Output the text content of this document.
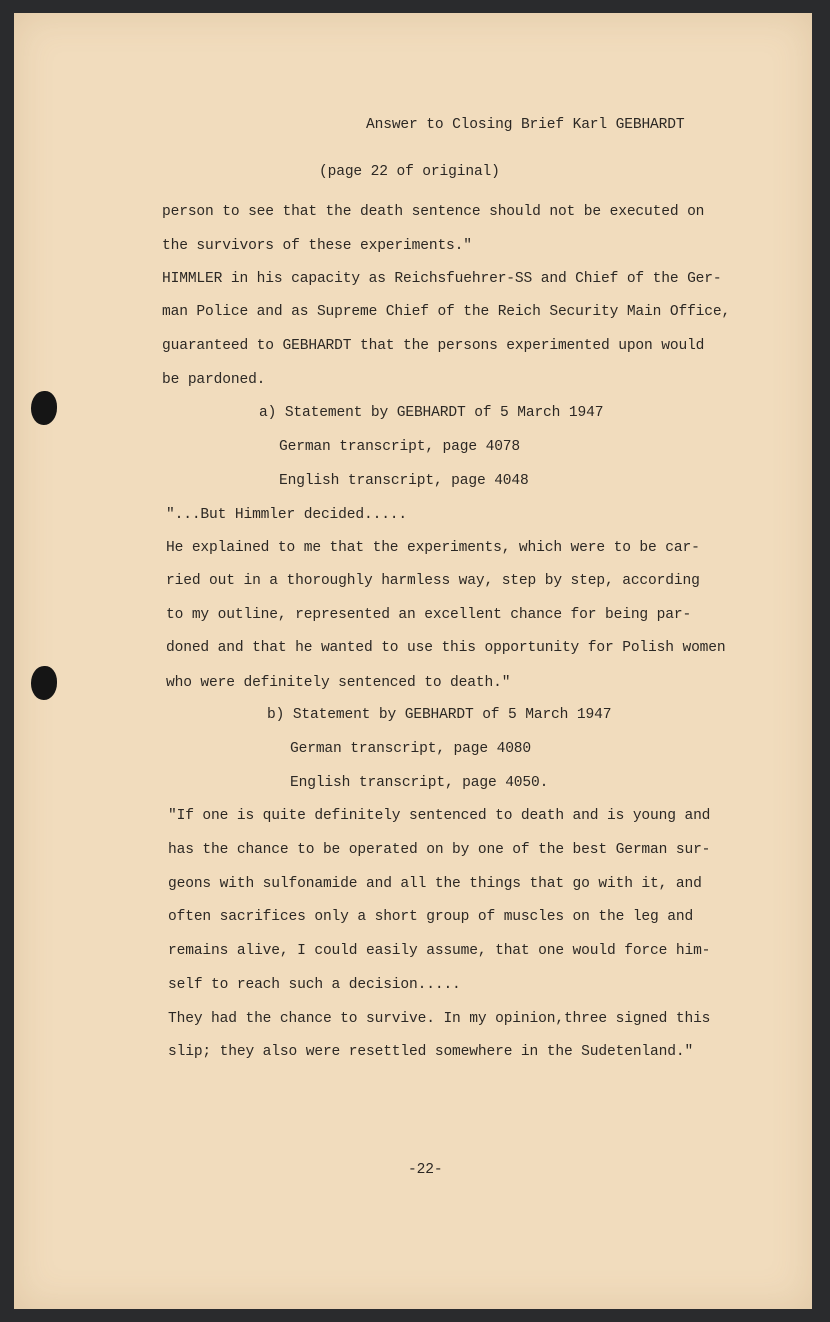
Answer to Closing Brief Karl GEBHARDT
(page 22 of original)
person to see that the death sentence should not be executed on
the survivors of these experiments."
HIMMLER in his capacity as Reichsfuehrer-SS and Chief of the Ger-
man Police and as Supreme Chief of the Reich Security Main Office,
guaranteed to GEBHARDT that the persons experimented upon would
be pardoned.
a) Statement by GEBHARDT of 5 March 1947
German transcript, page 4078
English transcript, page 4048
"...But Himmler decided.....
He explained to me that the experiments, which were to be car-
ried out in a thoroughly harmless way, step by step, according
to my outline, represented an excellent chance for being par-
doned and that he wanted to use this opportunity for Polish women
who were definitely sentenced to death."
b) Statement by GEBHARDT of 5 March 1947
German transcript, page 4080
English transcript, page 4050.
"If one is quite definitely sentenced to death and is young and
has the chance to be operated on by one of the best German sur-
geons with sulfonamide and all the things that go with it, and
often sacrifices only a short group of muscles on the leg and
remains alive, I could easily assume, that one would force him-
self to reach such a decision.....
They had the chance to survive. In my opinion,three signed this
slip; they also were resettled somewhere in the Sudetenland."
-22-
